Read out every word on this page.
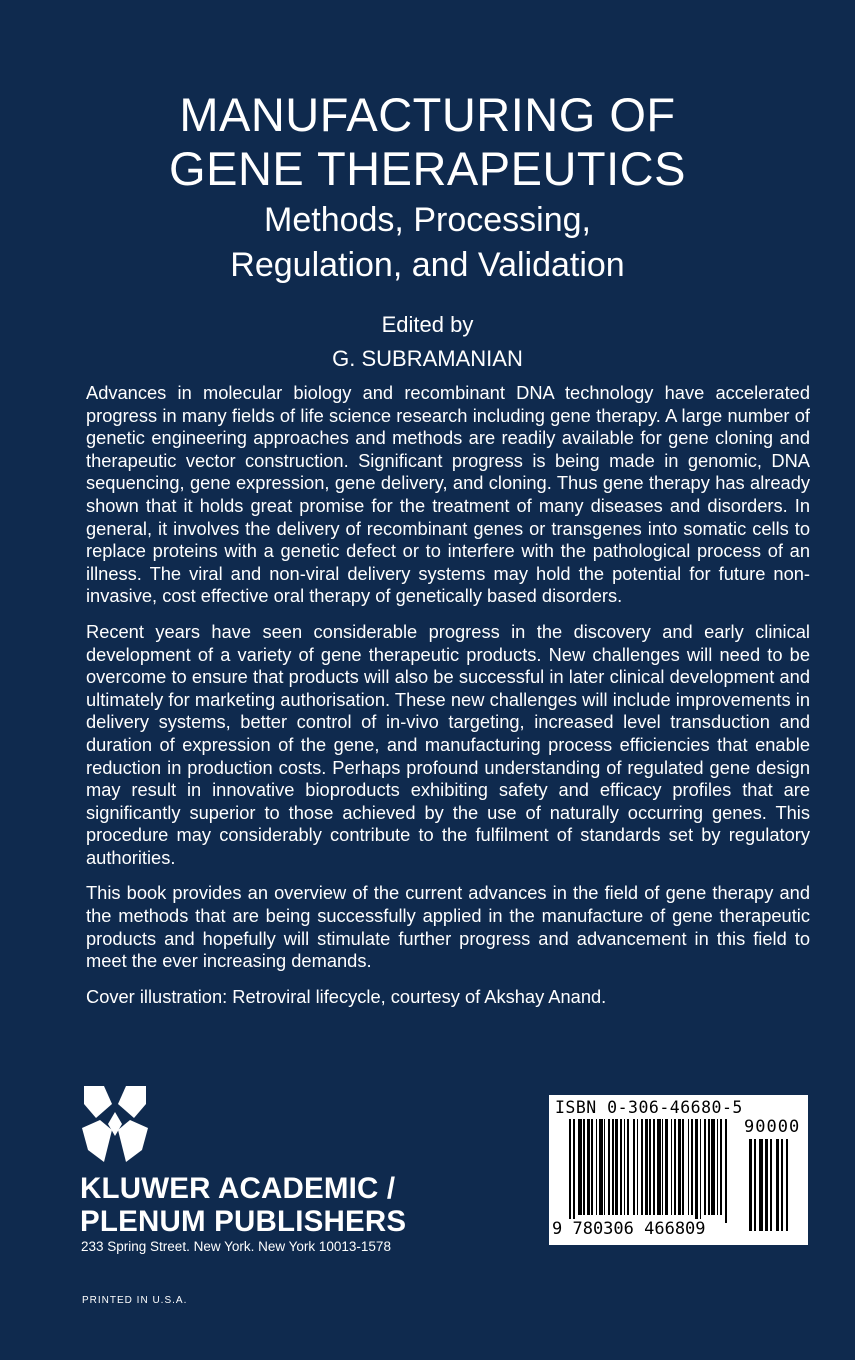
MANUFACTURING OF
GENE THERAPEUTICS
Methods, Processing,
Regulation, and Validation
Edited by
G. SUBRAMANIAN

Advances in molecular biology and recombinant DNA technology have accelerated progress in many fields of life science research including gene therapy. A large number of genetic engineering approaches and methods are readily available for gene cloning and therapeutic vector construction. Significant progress is being made in genomic, DNA sequencing, gene expression, gene delivery, and cloning. Thus gene therapy has already shown that it holds great promise for the treatment of many diseases and disorders. In general, it involves the delivery of recombinant genes or transgenes into somatic cells to replace proteins with a genetic defect or to interfere with the pathological process of an illness. The viral and non-viral delivery systems may hold the potential for future non-invasive, cost effective oral therapy of genetically based disorders.

Recent years have seen considerable progress in the discovery and early clinical development of a variety of gene therapeutic products. New challenges will need to be overcome to ensure that products will also be successful in later clinical development and ultimately for marketing authorisation. These new challenges will include improvements in delivery systems, better control of in-vivo targeting, increased level transduction and duration of expression of the gene, and manufacturing process efficiencies that enable reduction in production costs. Perhaps profound understanding of regulated gene design may result in innovative bioproducts exhibiting safety and efficacy profiles that are significantly superior to those achieved by the use of naturally occurring genes. This procedure may considerably contribute to the fulfilment of standards set by regulatory authorities.

This book provides an overview of the current advances in the field of gene therapy and the methods that are being successfully applied in the manufacture of gene therapeutic products and hopefully will stimulate further progress and advancement in this field to meet the ever increasing demands.

Cover illustration: Retroviral lifecycle, courtesy of Akshay Anand.

KLUWER ACADEMIC /
PLENUM PUBLISHERS
233 Spring Street. New York. New York 10013-1578
PRINTED IN U.S.A.
ISBN 0-306-46680-5
9 780306 466809
90000
